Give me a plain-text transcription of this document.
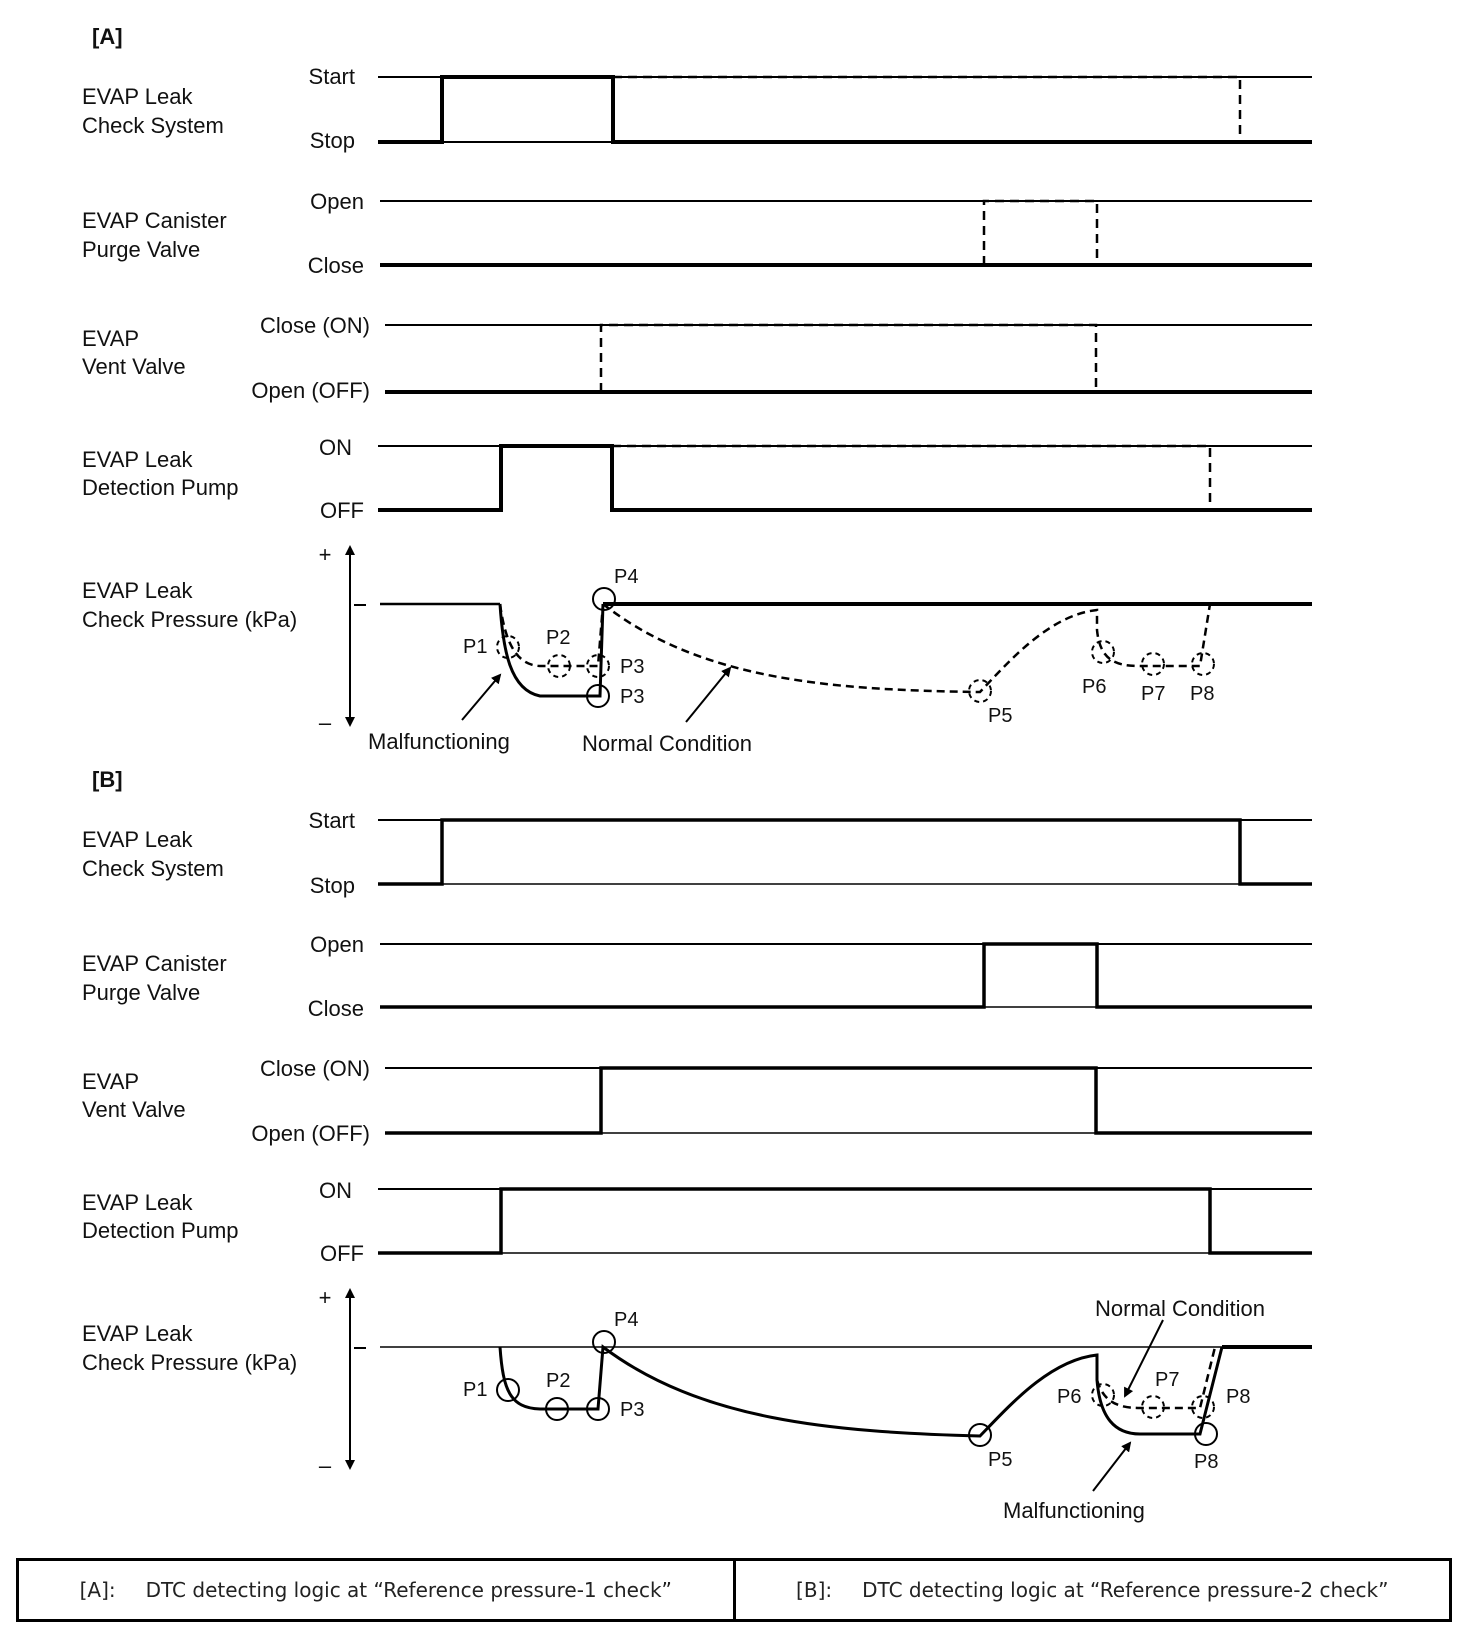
[A]
EVAP Leak
Check System
Start
Stop
EVAP Canister
Purge Valve
Open
Close
EVAP
Vent Valve
Close (ON)
Open (OFF)
EVAP Leak
Detection Pump
ON
OFF
EVAP Leak
Check Pressure (kPa)
+
–
P1	P2
P3
P3
P4
P5
P6 P7 P8
Malfunctioning	Normal Condition
[B]
EVAP Leak
Check System
Start
Stop
EVAP Canister
Purge Valve
Open
Close
EVAP
Vent Valve
Close (ON)
Open (OFF)
EVAP Leak
Detection Pump
ON
OFF
EVAP Leak
Check Pressure (kPa)
+
–
P1	P2
P3
P4
P5
P6
P7
P8
P8
Normal Condition
Malfunctioning
[A]: DTC detecting logic at “Reference pressure-1 check”	[B]: DTC detecting logic at “Reference pressure-2 check”
